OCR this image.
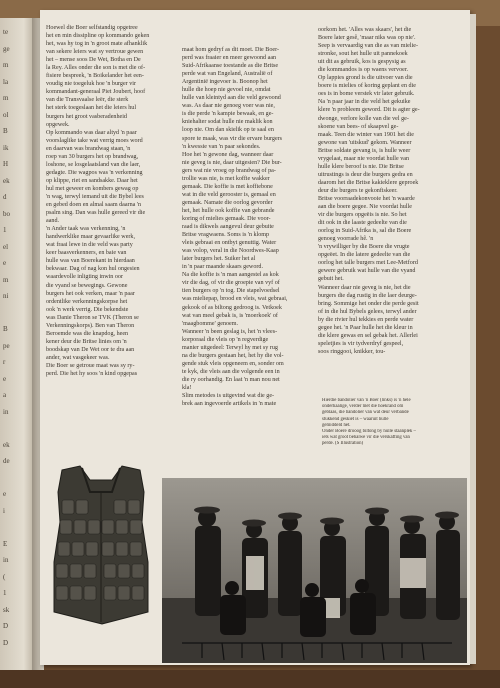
te
ge
m
la
m
ol
B
ik
H
ek
d
bo
1
el
e
m
ni
B
pe
r
e
a
in
ek
de
e
i
E
in
(
1
sk
D
D
Hoewel die Boer selfstandig opgetree
het en min dissipline op kommando geken
het, was hy tog in 'n groot mate afhanklik
van sekere leiers wat sy vertroue gewen
het – mense soos De Wet, Botha en De
la Rey. Alles onder die son is met die of-
fisiere bespreek, 'n Boikelander het een-
voudig nie toegeluk hoe 'n burger vir
kommandant-generaal Piet Joubert, hoof
van die Transvaalse leër, die sterk
het sterk toegeslaan het die leiers hul
burgers het groot vasberadenheid
opgewek.
Op kommando was daar altyd 'n paar
voorslaglike take wat verrig moes word
en daarvan was brandwag staan, 'n
roep van 30 burgers het op brandwag,
loshone, se losgelaatsland van die laer,
gedagte. Die wagpos was 'n verkenning
op klippe, riet en sandsakke. Daar het
hul met geweer en kombers gewag op
'n wag, terwyl iemand uit die Bybel lees
en gebed doen en almal saam daarna 'n
psalm sing. Dan was hulle gereed vir die
aand.
'n Ander taak was verkenning, 'n
handwerklike maar gevaarlike werk,
wat fraai lewe in die veld was party
keer baasverkenners, en baie van
hulle was van Boerekant in hierdaan
bekwaar. Dag of nag kon hul ongesien
waardevolle inligting inwin oor
die vyand se bewegings. Gewone
burgers het ook verken, maar 'n paar
ordentlike verkenningskorpse het
ook 'n werk verrig. Die bekendste
was Danie Theron se TVK (Theron se
Verkenningskorps). Ben van Theron
Beroemde was die knapdog, heen
kener deur die Britse linies om 'n
boodskap van De Wet oor te dra aan
ander, wat vasgekeer was.
Die Boer se getroue maat was sy ry-
perd. Die het hy soos 'n kind opgepas
maat hom gedryf as dit moet. Die Boer-
perd was fraaier en meer gewoond aan
Suid-Afrikaanse toestande as die Britse
perde wat van Engeland, Australië of
Argentinië ingevoer is. Boonop het
hulle die hoep nie gevoel nie, omdat
hulle van kleintyd aan die veld gewoond
was. As daar nie genoeg voer was nie,
is die perde 'n kampie bewaak, en ge-
kniehalter sodat hulle nie maklik kon
loop nie. Om dan skielik op te saal en
spore te maak, was vir die ervare burgers
'n kwessie van 'n paar sekondes.
Hoe het 'n gewone dag, wanneer daar
nie geveg is nie, daar uitgesien? Die bur-
gers wat nie vroeg op brandwag of pa-
trollie was nie, is met koffie wakker
gemaak. Die koffie is met koffiebone
wat in die veld gerooster is, gemaal en
gemaak. Namate die oorlog gevorder
het, het hulle ook koffie van gebrande
koring of mielies gemaak. Die voor-
raad is dikwels aangevul deur gebuite
Britse vragwaens. Soms is 'n klomp
vleis gebraai en ontbyt genuttig. Water
was volop, veral in die Noordwes-Kaap
later burgers het. Suiker het al
in 'n paar maande skaars geword.
Na die koffie is 'n man aangestel as kok
vir die dag, of vir die groepie van vyf of
tien burgers op 'n tog. Die stapelvoedsel
was mieliepap, brood en vleis, wat gebraai,
gekook of as biltong gedroog is. Vetkoek
wat van meel gebak is, is 'moerkoek' of
'maagbomme' genoem.
Wanneer 'n been geslag is, het 'n vlees-
korporaal die vleis op 'n regverdige
manier uitgedeel: Terwyl hy met sy rug
na die burgers gestaan het, het hy die vol-
gende stuk vleis opgeneem en, sonder om
te kyk, die vleis aan die volgende een in
die ry oorhandig. En laat 'n man nou net
kla!
Slim metodes is uitgevind wat die ge-
brek aan ingevoerde artikels in 'n mate
oorkom het. 'Alles was skaars', het die
Boere later gesê, 'maar niks was op nie'.
Seep is vervaardig van die as van mielie-
stronke, sout het hulle uit pannekoek
uit dit as gebruik, kos is gespysig as
die kommandos is op waens vervoer.
Op lappies grond is die uitvoer van die
boere is mielies of koring geplant en die
oes is in bome verstek vir later gebruik.
Na 'n paar jaar in die veld het gekuike
klere 'n probleem geword. Dit is agter ge-
dwonge, verlore kolle van die vel ge-
skoene van bees- of skaapvel ge-
maak. Teen die winter van 1901 het die
gewone van 'uitskud' gekom. Wanneer
Britse soldate gevang is, is hulle weer
vrygelaat, maar nie voordat hulle van
hulle klere beroof is nie. Die Britse
uitrustings is deur die burgers gedra en
daarom het die Britse kakieklere geproek
deur die burgers te gekonfiskeer.
Britse voorraadekonvooie het 'n waarde
aan die boere gegee. Nie voordat hulle
vir die burgers opgeëis is nie. So het
dit ook in die laaste gedeelte van die
oorlog in Suid-Afrika is, sal die Boere
genoeg voorrade hê. 'n
'n vrywilliger by die Boere die vrugte
opgeëet. In die latere gedeelte van die
oorlog het talle burgers met Lee-Metford
gewere gebruik wat hulle van die vyand
gebuit het.
Wanneer daar nie geveg is nie, het die
burgers die dag rustig in die laer deurge-
bring. Sommige het onder die perde gesit
of in die hul Bybels gelees, terwyl ander
by die rivier hul tekkies en perde water
gegee het. 'n Paar hulle het die kleur in
die klere gewas en sel gebak het. Allerlei
speletjies is vir tydverdryf gespeel,
soos ringgooi, knikker, tou-
Hierdie bandolier van 'n Boer (links) is 'n hele
onderhaalige, verder met die hoekrand om
geblaas, die bandolier van wat deur verbande
stukkend geskiet is – waaruit hulle
gemiddeld het.
Onder Boere drooog biltong by hulle staanplek –
iets wat groot behalwe vir die verskaffing van
perde. (S Illustration)
